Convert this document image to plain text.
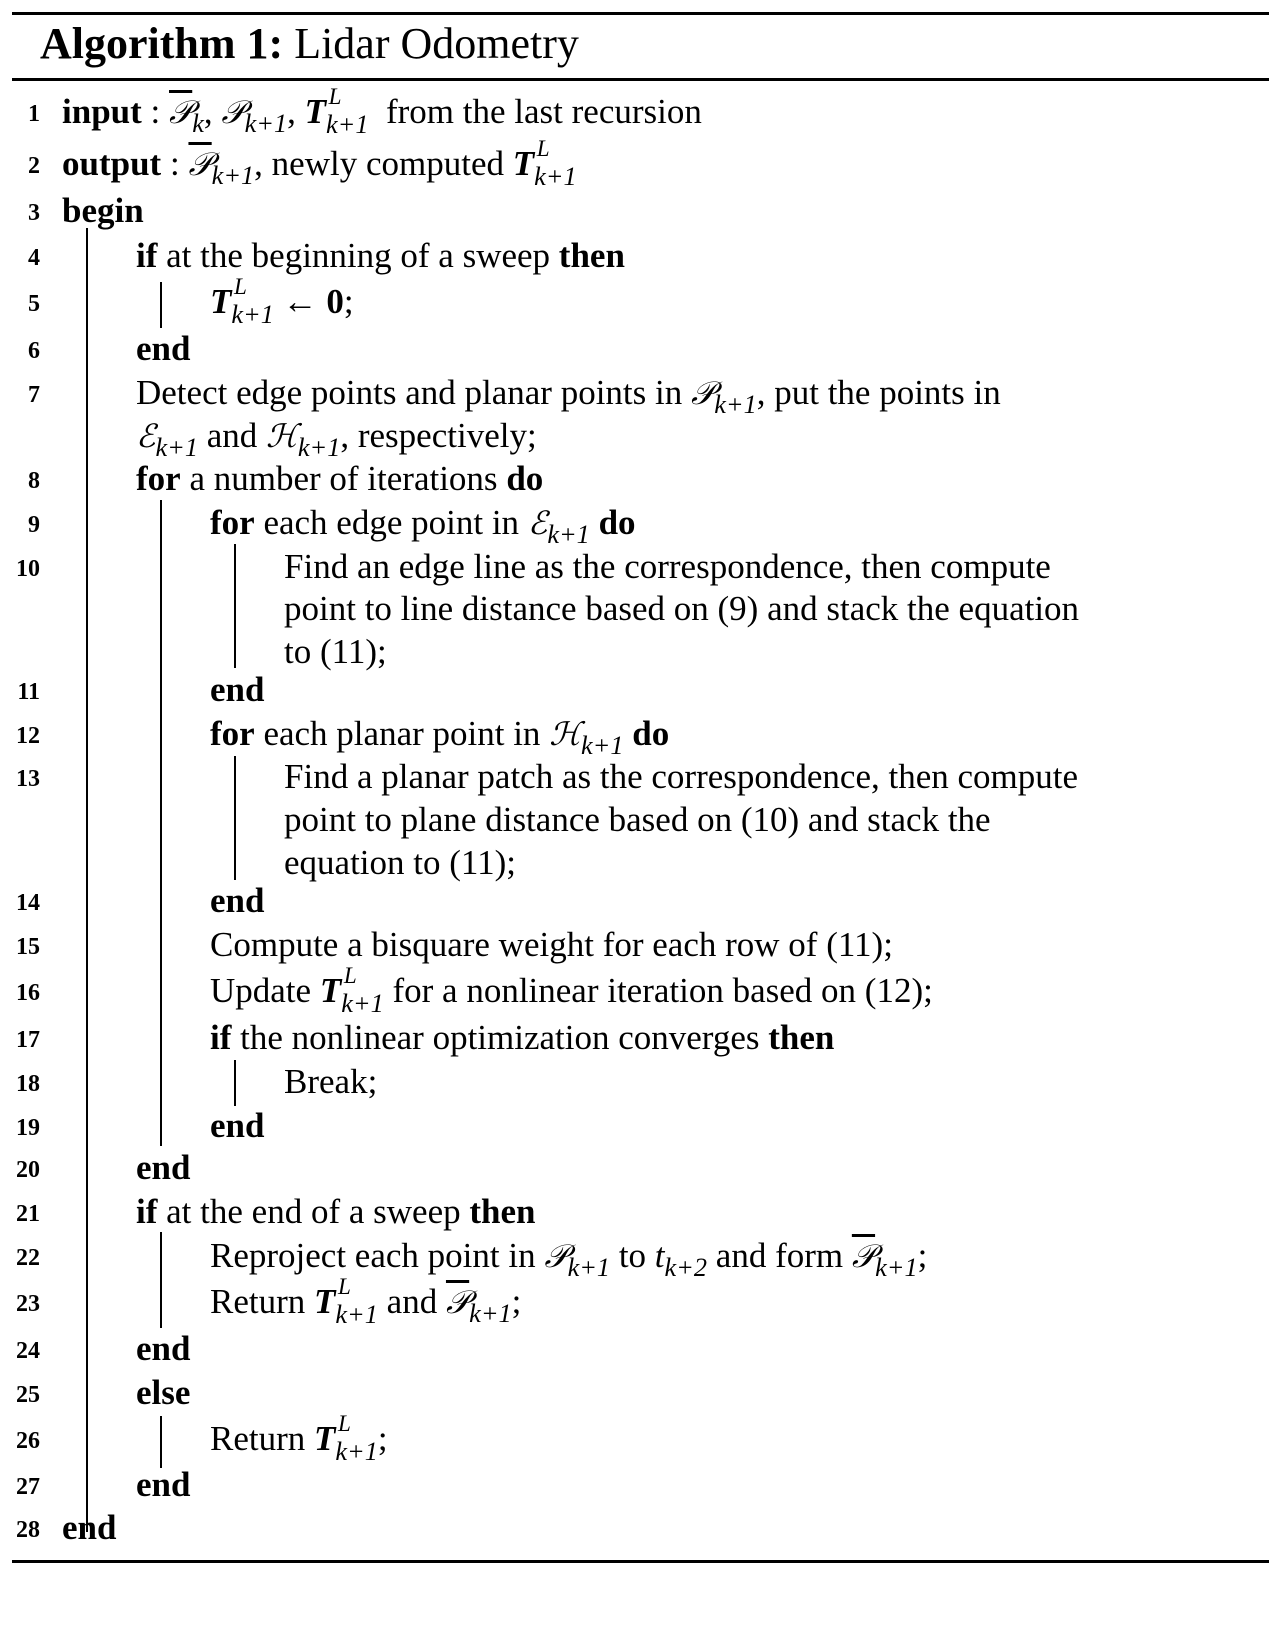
Algorithm 1: Lidar Odometry
1
2
3
4
5
6
7
8
9
10
11
12
13
14
15
16
17
18
19
20
21
22
23
24
25
26
27
28
input : 𝒫$_k$, 𝒫$_{k+1}$, T L
$_{k+1}$ from the last recursion
output : 𝒫$_{k+1}$, newly computed T L
$_{k+1}$
begin
if at the beginning of a sweep then
T L
$_{k+1}$ ← 0;
end
Detect edge points and planar points in 𝒫$_{k+1}$, put the points in
ℰ$_{k+1}$ and ℋ$_{k+1}$, respectively;
for a number of iterations do
for each edge point in ℰ$_{k+1}$ do
Find an edge line as the correspondence, then compute
point to line distance based on (9) and stack the equation
to (11);
end
for each planar point in ℋ$_{k+1}$ do
Find a planar patch as the correspondence, then compute
point to plane distance based on (10) and stack the
equation to (11);
end
Compute a bisquare weight for each row of (11);
Update T L
$_{k+1}$ for a nonlinear iteration based on (12);
if the nonlinear optimization converges then
Break;
end
end
if at the end of a sweep then
Reproject each point in 𝒫$_{k+1}$ to $t_{k+2}$ and form 𝒫$_{k+1}$;
Return T L
$_{k+1}$ and 𝒫$_{k+1}$;
end
else
Return T L
$_{k+1}$;
end
end
